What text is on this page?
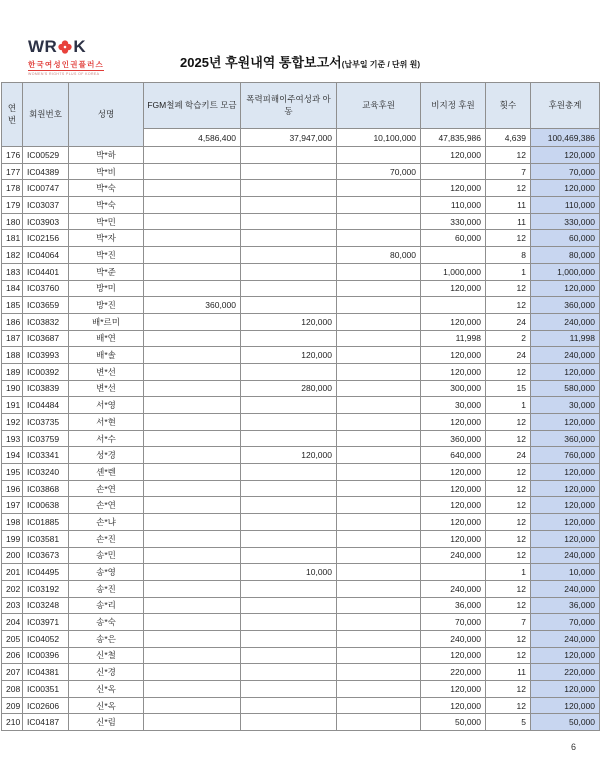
WR K
한국여성인권플러스
WOMEN'S RIGHTS PLUS OF KOREA
2025년 후원내역 통합보고서(납부일 기준 / 단위 원)
연번	회원번호	성명	FGM철폐 학습키트 모금	폭력피해이주여성과 아동	교육후원	비지정 후원	횟수	후원총계
			4,586,400	37,947,000	10,100,000	47,835,986	4,639	100,469,386
176	IC00529	박*하				120,000	12	120,000
177	IC04389	박*비			70,000		7	70,000
178	IC00747	박*숙				120,000	12	120,000
179	IC03037	박*숙				110,000	11	110,000
180	IC03903	박*민				330,000	11	330,000
181	IC02156	박*자				60,000	12	60,000
182	IC04064	박*진			80,000		8	80,000
183	IC04401	박*준				1,000,000	1	1,000,000
184	IC03760	방*미				120,000	12	120,000
185	IC03659	방*진	360,000				12	360,000
186	IC03832	배*르미		120,000		120,000	24	240,000
187	IC03687	배*연				11,998	2	11,998
188	IC03993	배*솔		120,000		120,000	24	240,000
189	IC00392	변*선				120,000	12	120,000
190	IC03839	변*선		280,000		300,000	15	580,000
191	IC04484	서*영				30,000	1	30,000
192	IC03735	서*현				120,000	12	120,000
193	IC03759	서*수				360,000	12	360,000
194	IC03341	성*경		120,000		640,000	24	760,000
195	IC03240	셴*렌				120,000	12	120,000
196	IC03868	손*연				120,000	12	120,000
197	IC00638	손*연				120,000	12	120,000
198	IC01885	손*냐				120,000	12	120,000
199	IC03581	손*진				120,000	12	120,000
200	IC03673	송*민				240,000	12	240,000
201	IC04495	송*영		10,000			1	10,000
202	IC03192	송*진				240,000	12	240,000
203	IC03248	송*리				36,000	12	36,000
204	IC03971	송*숙				70,000	7	70,000
205	IC04052	송*은				240,000	12	240,000
206	IC00396	신*철				120,000	12	120,000
207	IC04381	신*경				220,000	11	220,000
208	IC00351	신*옥				120,000	12	120,000
209	IC02606	신*옥				120,000	12	120,000
210	IC04187	신*림				50,000	5	50,000
6
